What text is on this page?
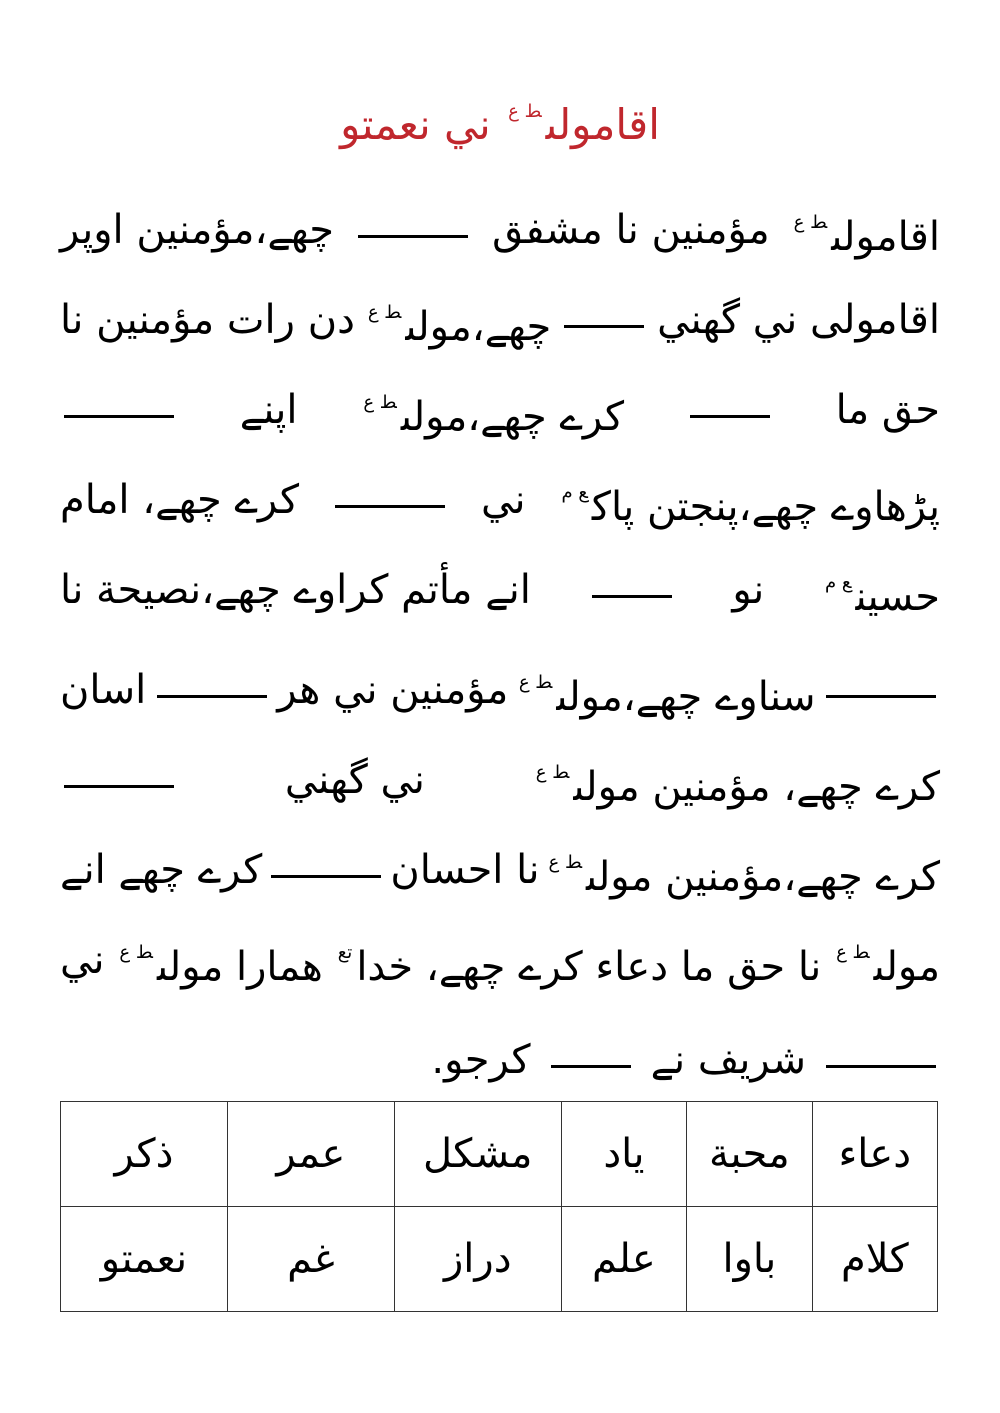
اقامولى$^{ط ع}$ ني نعمتو
اقامولى$^{ط ع}$
مؤمنين نا مشفق
چهے،مؤمنين اوپر
اقامولى ني گهني
چهے،مولى$^{ط ع}$
دن رات مؤمنين نا
حق ما
كرے چهے،مولى$^{ط ع}$
اپنے
پڑهاوے چهے،پنجتن پاك$^{ع م}$
ني
كرے چهے، امام
حسين$^{ع م}$
نو
انے مأتم كراوے چهے،نصيحة نا
سناوے چهے،مولى$^{ط ع}$
مؤمنين ني هر
اسان
كرے چهے، مؤمنين مولى$^{ط ع}$
ني گهني
كرے چهے،مؤمنين مولى$^{ط ع}$
نا احسان
كرے چهے انے
مولى$^{ط ع}$
نا حق ما دعاء كرے چهے، خدا$^{تع}$
همارا مولى$^{ط ع}$
ني
شريف نے
كرجو.
دعاء	محبة	ياد	مشكل	عمر	ذكر
كلام	باوا	علم	دراز	غم	نعمتو
